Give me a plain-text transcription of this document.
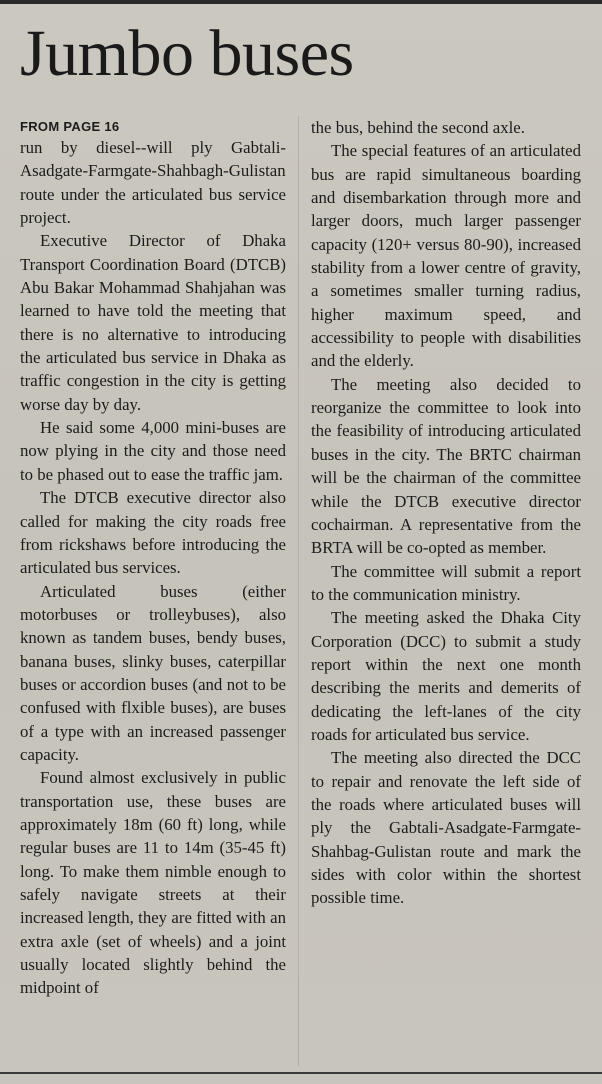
Jumbo buses
FROM PAGE 16

run by diesel--will ply Gabtali-Asadgate-Farmgate-Shahbagh-Gulistan route under the articulated bus service project.

Executive Director of Dhaka Transport Coordination Board (DTCB) Abu Bakar Mohammad Shahjahan was learned to have told the meeting that there is no alternative to introducing the articulated bus service in Dhaka as traffic congestion in the city is getting worse day by day.

He said some 4,000 mini-buses are now plying in the city and those need to be phased out to ease the traffic jam.

The DTCB executive director also called for making the city roads free from rickshaws before introducing the articulated bus services.

Articulated buses (either motorbuses or trolleybuses), also known as tandem buses, bendy buses, banana buses, slinky buses, caterpillar buses or accordion buses (and not to be confused with flxible buses), are buses of a type with an increased passenger capacity.

Found almost exclusively in public transportation use, these buses are approximately 18m (60 ft) long, while regular buses are 11 to 14m (35-45 ft) long. To make them nimble enough to safely navigate streets at their increased length, they are fitted with an extra axle (set of wheels) and a joint usually located slightly behind the midpoint of

the bus, behind the second axle.

The special features of an articulated bus are rapid simultaneous boarding and disembarkation through more and larger doors, much larger passenger capacity (120+ versus 80-90), increased stability from a lower centre of gravity, a sometimes smaller turning radius, higher maximum speed, and accessibility to people with disabilities and the elderly.

The meeting also decided to reorganize the committee to look into the feasibility of introducing articulated buses in the city. The BRTC chairman will be the chairman of the committee while the DTCB executive director cochairman. A representative from the BRTA will be co-opted as member.

The committee will submit a report to the communication ministry.

The meeting asked the Dhaka City Corporation (DCC) to submit a study report within the next one month describing the merits and demerits of dedicating the left-lanes of the city roads for articulated bus service.

The meeting also directed the DCC to repair and renovate the left side of the roads where articulated buses will ply the Gabtali-Asadgate-Farmgate-Shahbag-Gulistan route and mark the sides with color within the shortest possible time.
